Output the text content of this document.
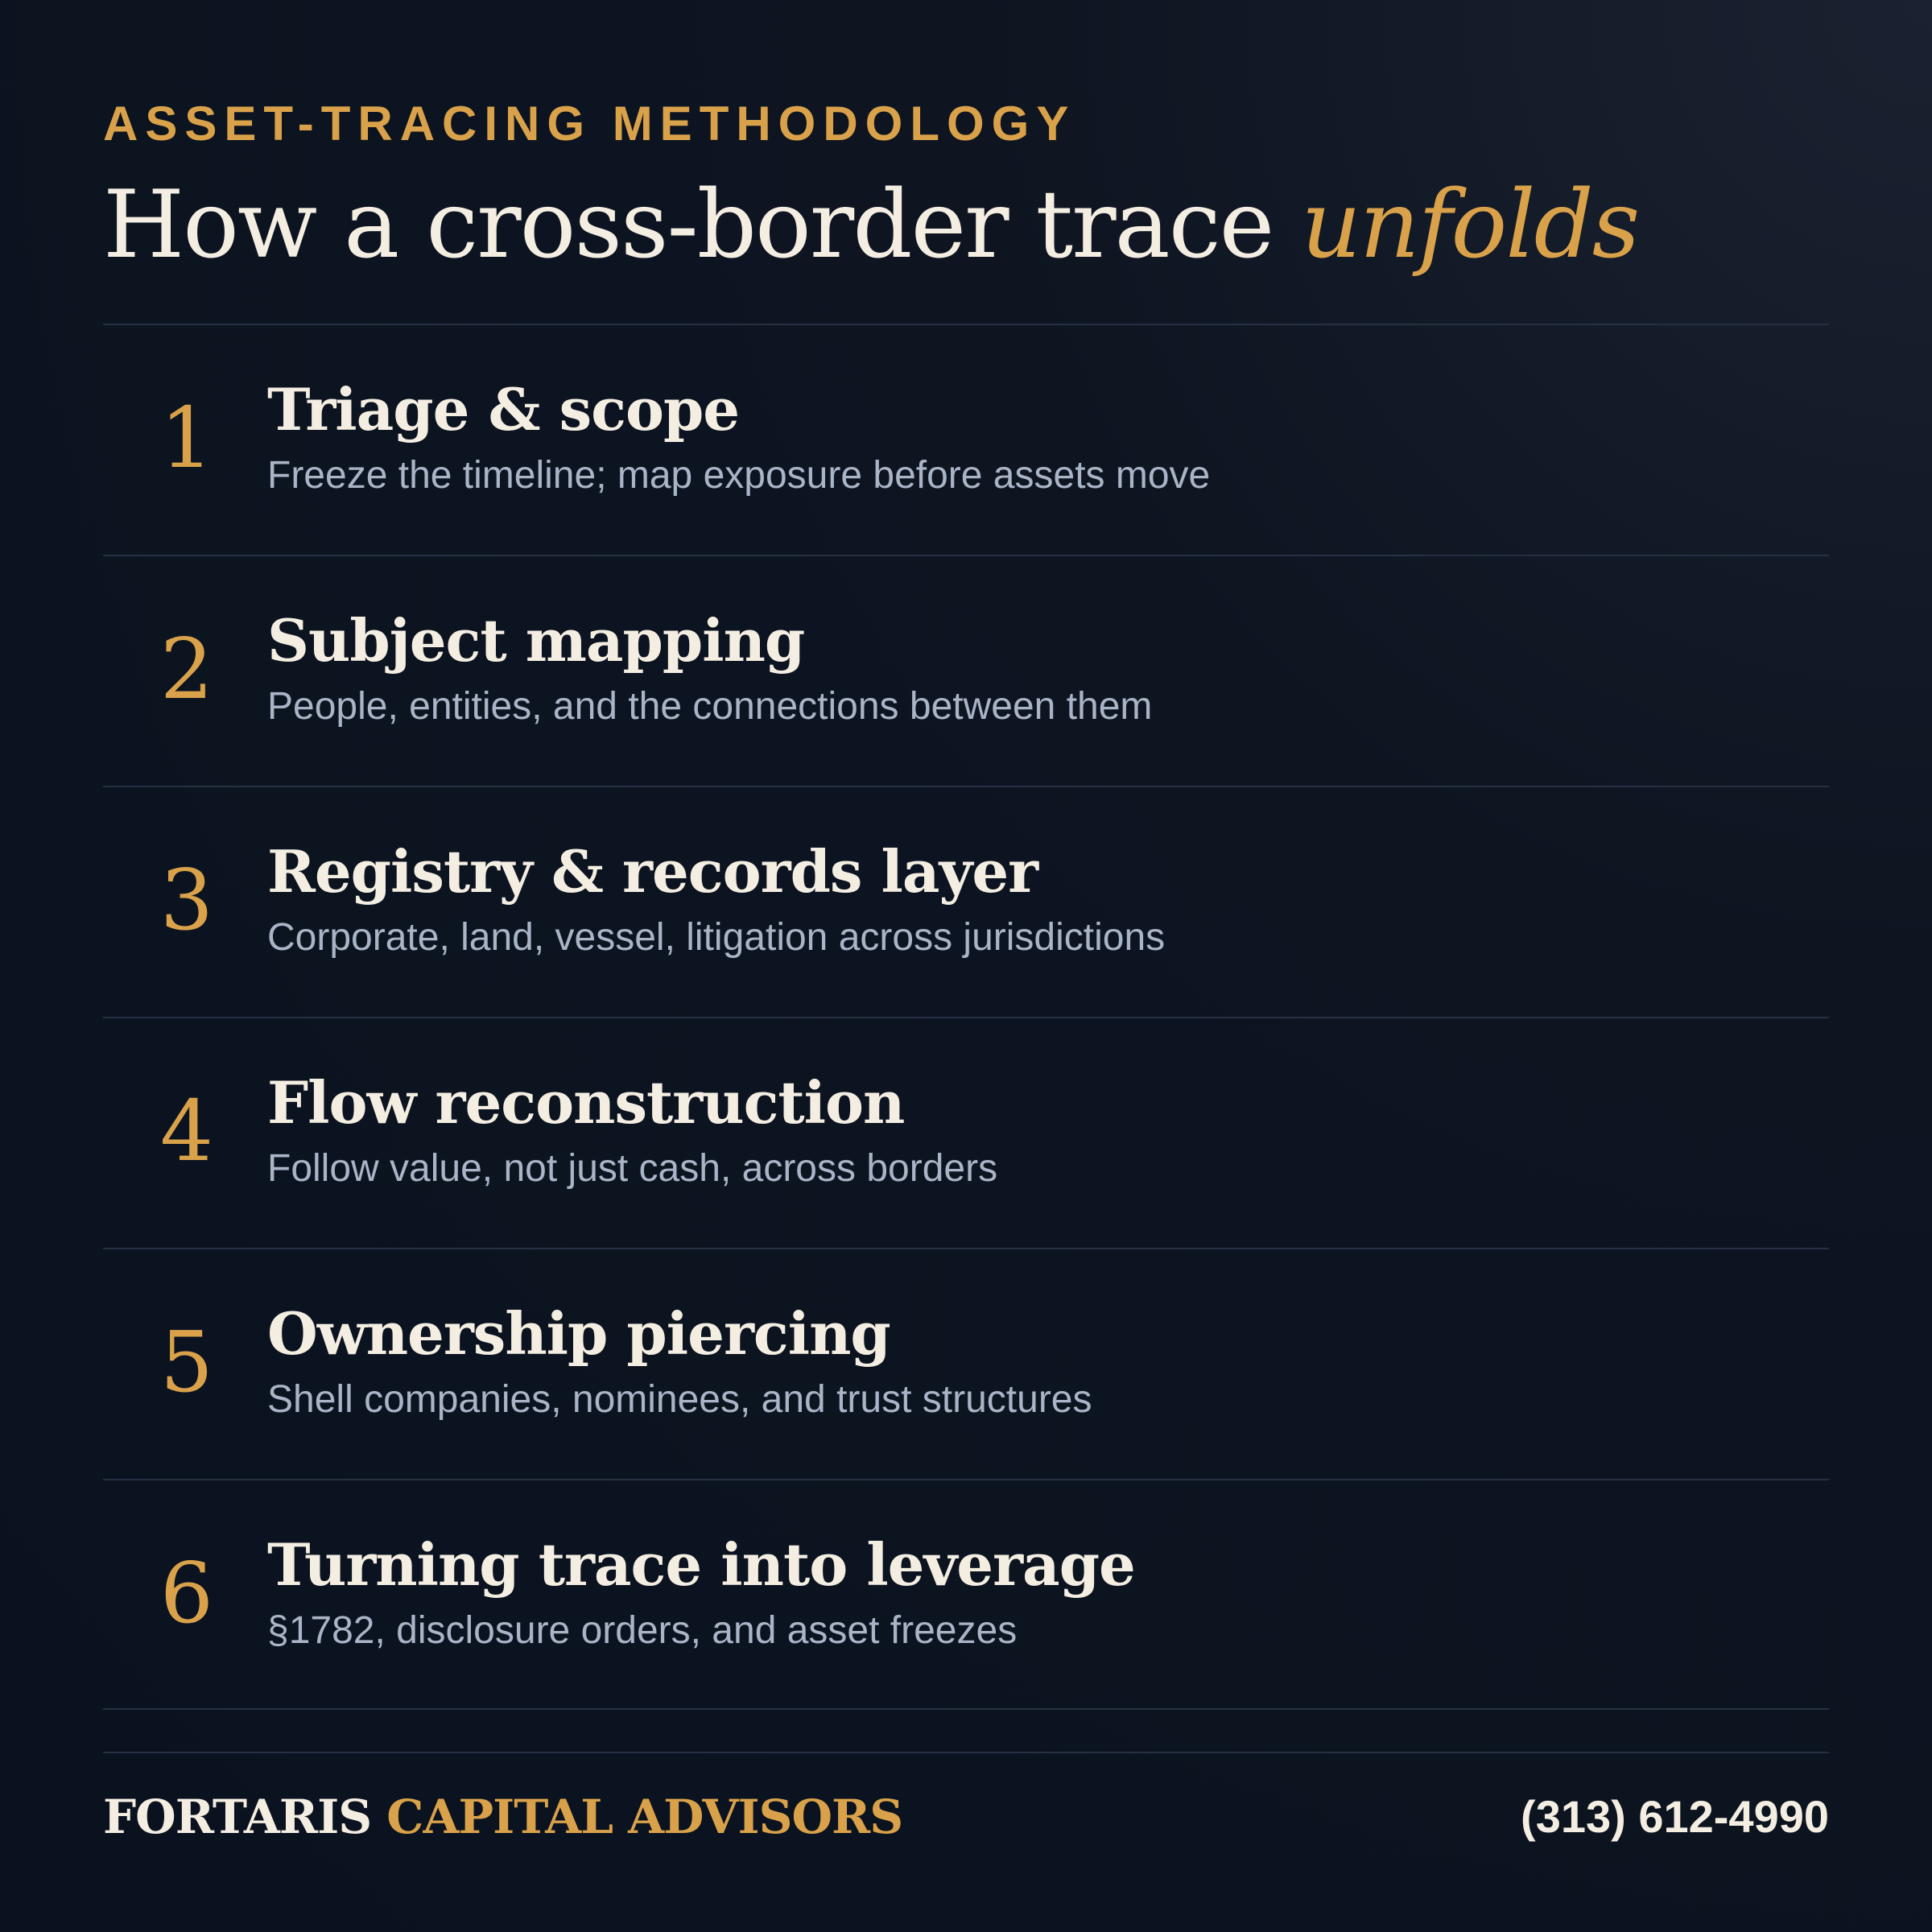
ASSET-TRACING METHODOLOGY
How a cross-border trace unfolds
1 Triage & scope
Freeze the timeline; map exposure before assets move
2 Subject mapping
People, entities, and the connections between them
3 Registry & records layer
Corporate, land, vessel, litigation across jurisdictions
4 Flow reconstruction
Follow value, not just cash, across borders
5 Ownership piercing
Shell companies, nominees, and trust structures
6 Turning trace into leverage
§1782, disclosure orders, and asset freezes
FORTARIS CAPITAL ADVISORS	(313) 612-4990
